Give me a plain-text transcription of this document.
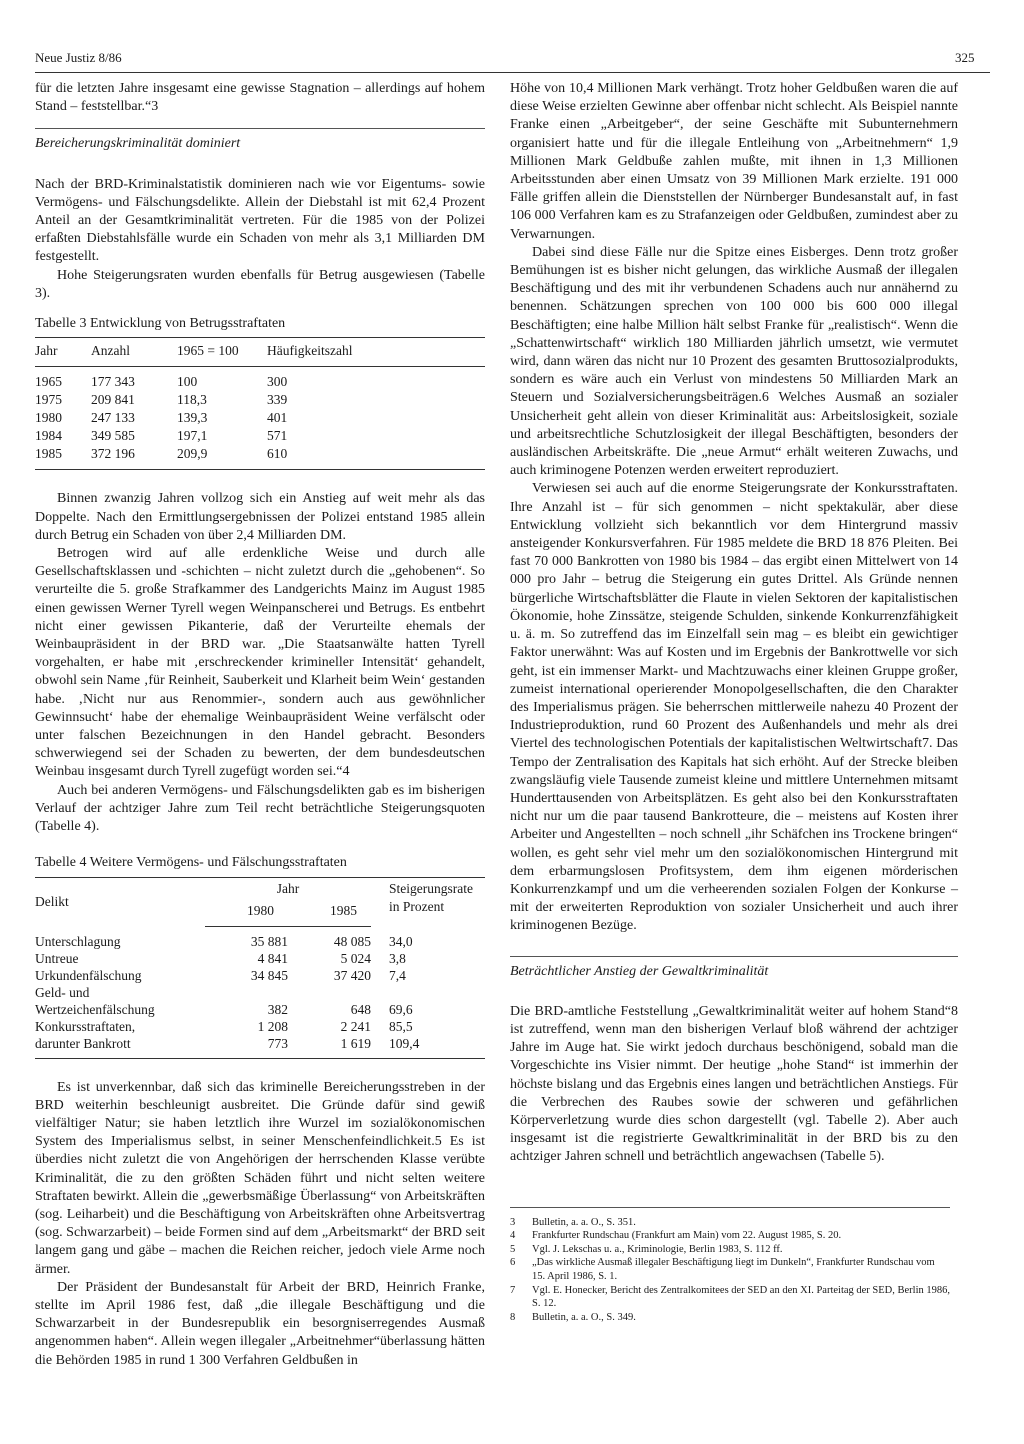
Neue Justiz 8/86	325

für die letzten Jahre insgesamt eine gewisse Stagnation – allerdings auf hohem Stand – feststellbar.“3

Bereicherungskriminalität dominiert

Nach der BRD-Kriminalstatistik dominieren nach wie vor Eigentums- sowie Vermögens- und Fälschungsdelikte. Allein der Diebstahl ist mit 62,4 Prozent Anteil an der Gesamtkriminalität vertreten. Für die 1985 von der Polizei erfaßten Diebstahlsfälle wurde ein Schaden von mehr als 3,1 Milliarden DM festgestellt.

Hohe Steigerungsraten wurden ebenfalls für Betrug ausgewiesen (Tabelle 3).

Tabelle 3 Entwicklung von Betrugsstraftaten
Jahr	Anzahl	1965 = 100	Häufigkeitszahl
1965	177 343	100	300
1975	209 841	118,3	339
1980	247 133	139,3	401
1984	349 585	197,1	571
1985	372 196	209,9	610

Binnen zwanzig Jahren vollzog sich ein Anstieg auf weit mehr als das Doppelte. Nach den Ermittlungsergebnissen der Polizei entstand 1985 allein durch Betrug ein Schaden von über 2,4 Milliarden DM.

Betrogen wird auf alle erdenkliche Weise und durch alle Gesellschaftsklassen und -schichten – nicht zuletzt durch die „gehobenen“. So verurteilte die 5. große Strafkammer des Landgerichts Mainz im August 1985 einen gewissen Werner Tyrell wegen Weinpanscherei und Betrugs. Es entbehrt nicht einer gewissen Pikanterie, daß der Verurteilte ehemals der Weinbaupräsident in der BRD war. „Die Staatsanwälte hatten Tyrell vorgehalten, er habe mit ‚erschreckender krimineller Intensität‘ gehandelt, obwohl sein Name ‚für Reinheit, Sauberkeit und Klarheit beim Wein‘ gestanden habe. ‚Nicht nur aus Renommier-, sondern auch aus gewöhnlicher Gewinnsucht‘ habe der ehemalige Weinbaupräsident Weine verfälscht oder unter falschen Bezeichnungen in den Handel gebracht. Besonders schwerwiegend sei der Schaden zu bewerten, der dem bundesdeutschen Weinbau insgesamt durch Tyrell zugefügt worden sei.“4

Auch bei anderen Vermögens- und Fälschungsdelikten gab es im bisherigen Verlauf der achtziger Jahre zum Teil recht beträchtliche Steigerungsquoten (Tabelle 4).

Tabelle 4 Weitere Vermögens- und Fälschungsstraftaten
Delikt	Jahr		Steigerungsrate in Prozent
	1980	1985	
Unterschlagung	35 881	48 085	34,0
Untreue	4 841	5 024	3,8
Urkundenfälschung	34 845	37 420	7,4
Geld- und Wertzeichenfälschung	382	648	69,6
Konkursstraftaten,	1 208	2 241	85,5
darunter Bankrott	773	1 619	109,4

Es ist unverkennbar, daß sich das kriminelle Bereicherungsstreben in der BRD weiterhin beschleunigt ausbreitet. Die Gründe dafür sind gewiß vielfältiger Natur; sie haben letztlich ihre Wurzel im sozialökonomischen System des Imperialismus selbst, in seiner Menschenfeindlichkeit.5 Es ist überdies nicht zuletzt die von Angehörigen der herrschenden Klasse verübte Kriminalität, die zu den größten Schäden führt und nicht selten weitere Straftaten bewirkt. Allein die „gewerbsmäßige Überlassung“ von Arbeitskräften (sog. Leiharbeit) und die Beschäftigung von Arbeitskräften ohne Arbeitsvertrag (sog. Schwarzarbeit) – beide Formen sind auf dem „Arbeitsmarkt“ der BRD seit langem gang und gäbe – machen die Reichen reicher, jedoch viele Arme noch ärmer.

Der Präsident der Bundesanstalt für Arbeit der BRD, Heinrich Franke, stellte im April 1986 fest, daß „die illegale Beschäftigung und die Schwarzarbeit in der Bundesrepublik ein besorgniserregendes Ausmaß angenommen haben“. Allein wegen illegaler „Arbeitnehmer“überlassung hätten die Behörden 1985 in rund 1 300 Verfahren Geldbußen in

Höhe von 10,4 Millionen Mark verhängt. Trotz hoher Geldbußen waren die auf diese Weise erzielten Gewinne aber offenbar nicht schlecht. Als Beispiel nannte Franke einen „Arbeitgeber“, der seine Geschäfte mit Subunternehmern organisiert hatte und für die illegale Entleihung von „Arbeitnehmern“ 1,9 Millionen Mark Geldbuße zahlen mußte, mit ihnen in 1,3 Millionen Arbeitsstunden aber einen Umsatz von 39 Millionen Mark erzielte. 191 000 Fälle griffen allein die Dienststellen der Nürnberger Bundesanstalt auf, in fast 106 000 Verfahren kam es zu Strafanzeigen oder Geldbußen, zumindest aber zu Verwarnungen.

Dabei sind diese Fälle nur die Spitze eines Eisberges. Denn trotz großer Bemühungen ist es bisher nicht gelungen, das wirkliche Ausmaß der illegalen Beschäftigung und des mit ihr verbundenen Schadens auch nur annähernd zu benennen. Schätzungen sprechen von 100 000 bis 600 000 illegal Beschäftigten; eine halbe Million hält selbst Franke für „realistisch“. Wenn die „Schattenwirtschaft“ wirklich 180 Milliarden jährlich umsetzt, wie vermutet wird, dann wären das nicht nur 10 Prozent des gesamten Bruttosozialprodukts, sondern es wäre auch ein Verlust von mindestens 50 Milliarden Mark an Steuern und Sozialversicherungsbeiträgen.6 Welches Ausmaß an sozialer Unsicherheit geht allein von dieser Kriminalität aus: Arbeitslosigkeit, soziale und arbeitsrechtliche Schutzlosigkeit der illegal Beschäftigten, besonders der ausländischen Arbeitskräfte. Die „neue Armut“ erhält weiteren Zuwachs, und auch kriminogene Potenzen werden erweitert reproduziert.

Verwiesen sei auch auf die enorme Steigerungsrate der Konkursstraftaten. Ihre Anzahl ist – für sich genommen – nicht spektakulär, aber diese Entwicklung vollzieht sich bekanntlich vor dem Hintergrund massiv ansteigender Konkursverfahren. Für 1985 meldete die BRD 18 876 Pleiten. Bei fast 70 000 Bankrotten von 1980 bis 1984 – das ergibt einen Mittelwert von 14 000 pro Jahr – betrug die Steigerung ein gutes Drittel. Als Gründe nennen bürgerliche Wirtschaftsblätter die Flaute in vielen Sektoren der kapitalistischen Ökonomie, hohe Zinssätze, steigende Schulden, sinkende Konkurrenzfähigkeit u. ä. m. So zutreffend das im Einzelfall sein mag – es bleibt ein gewichtiger Faktor unerwähnt: Was auf Kosten und im Ergebnis der Bankrottwelle vor sich geht, ist ein immenser Markt- und Machtzuwachs einer kleinen Gruppe großer, zumeist international operierender Monopolgesellschaften, die den Charakter des Imperialismus prägen. Sie beherrschen mittlerweile nahezu 40 Prozent der Industrieproduktion, rund 60 Prozent des Außenhandels und mehr als drei Viertel des technologischen Potentials der kapitalistischen Weltwirtschaft7. Das Tempo der Zentralisation des Kapitals hat sich erhöht. Auf der Strecke bleiben zwangsläufig viele Tausende zumeist kleine und mittlere Unternehmen mitsamt Hunderttausenden von Arbeitsplätzen. Es geht also bei den Konkursstraftaten nicht nur um die paar tausend Bankrotteure, die – meistens auf Kosten ihrer Arbeiter und Angestellten – noch schnell „ihr Schäfchen ins Trockene bringen“ wollen, es geht sehr viel mehr um den sozialökonomischen Hintergrund mit dem erbarmungslosen Profitsystem, dem ihm eigenen mörderischen Konkurrenzkampf und um die verheerenden sozialen Folgen der Konkurse – mit der erweiterten Reproduktion von sozialer Unsicherheit und auch ihrer kriminogenen Bezüge.

Beträchtlicher Anstieg der Gewaltkriminalität

Die BRD-amtliche Feststellung „Gewaltkriminalität weiter auf hohem Stand“8 ist zutreffend, wenn man den bisherigen Verlauf bloß während der achtziger Jahre im Auge hat. Sie wirkt jedoch durchaus beschönigend, sobald man die Vorgeschichte ins Visier nimmt. Der heutige „hohe Stand“ ist immerhin der höchste bislang und das Ergebnis eines langen und beträchtlichen Anstiegs. Für die Verbrechen des Raubes sowie der schweren und gefährlichen Körperverletzung wurde dies schon dargestellt (vgl. Tabelle 2). Aber auch insgesamt ist die registrierte Gewaltkriminalität in der BRD bis zu den achtziger Jahren schnell und beträchtlich angewachsen (Tabelle 5).

3	Bulletin, a. a. O., S. 351.
4	Frankfurter Rundschau (Frankfurt am Main) vom 22. August 1985, S. 20.
5	Vgl. J. Lekschas u. a., Kriminologie, Berlin 1983, S. 112 ff.
6	„Das wirkliche Ausmaß illegaler Beschäftigung liegt im Dunkeln“, Frankfurter Rundschau vom 15. April 1986, S. 1.
7	Vgl. E. Honecker, Bericht des Zentralkomitees der SED an den XI. Parteitag der SED, Berlin 1986, S. 12.
8	Bulletin, a. a. O., S. 349.
